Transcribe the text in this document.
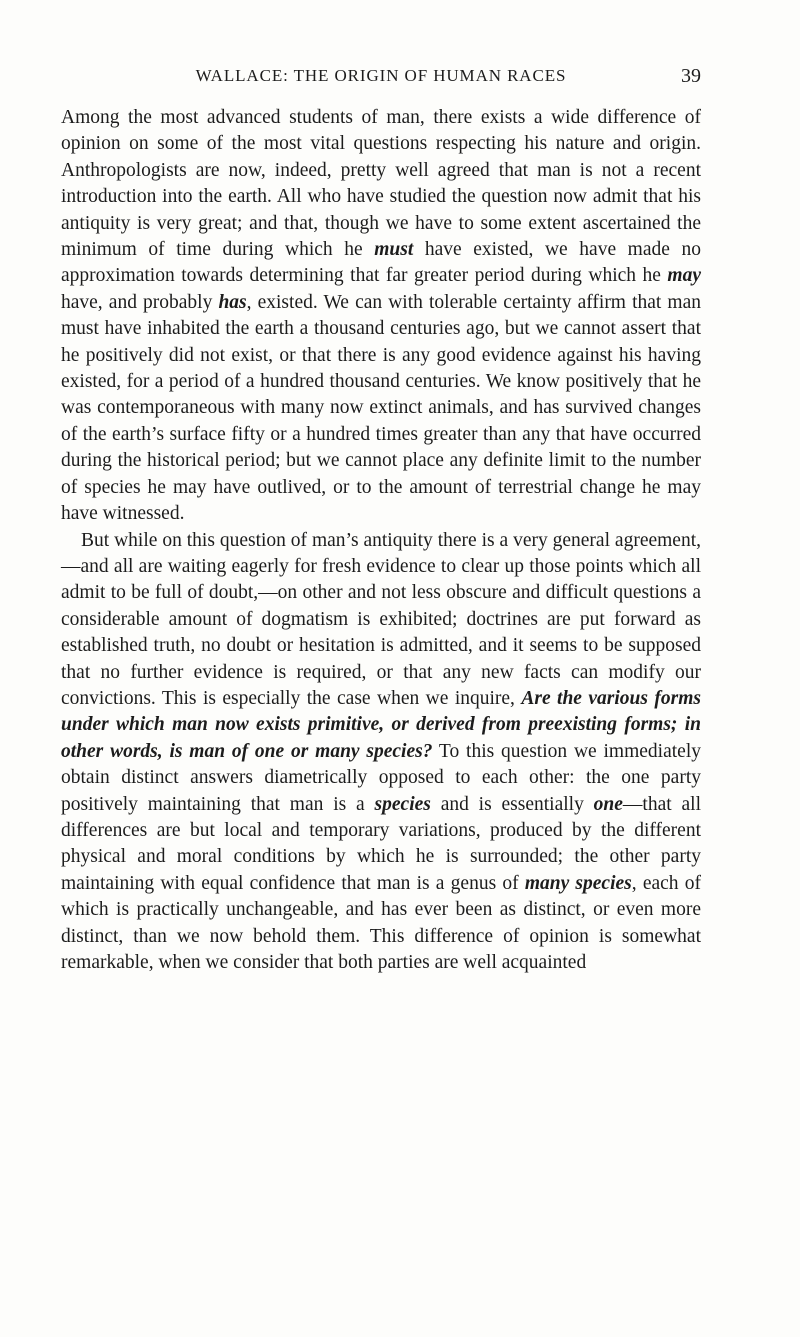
WALLACE: THE ORIGIN OF HUMAN RACES	39

Among the most advanced students of man, there exists a wide difference of opinion on some of the most vital questions respecting his nature and origin. Anthropologists are now, indeed, pretty well agreed that man is not a recent introduction into the earth. All who have studied the question now admit that his antiquity is very great; and that, though we have to some extent ascertained the minimum of time during which he must have existed, we have made no approximation towards determining that far greater period during which he may have, and probably has, existed. We can with tolerable certainty affirm that man must have inhabited the earth a thousand centuries ago, but we cannot assert that he positively did not exist, or that there is any good evidence against his having existed, for a period of a hundred thousand centuries. We know positively that he was contemporaneous with many now extinct animals, and has survived changes of the earth’s surface fifty or a hundred times greater than any that have occurred during the historical period; but we cannot place any definite limit to the number of species he may have outlived, or to the amount of terrestrial change he may have witnessed.

But while on this question of man’s antiquity there is a very general agreement,—and all are waiting eagerly for fresh evidence to clear up those points which all admit to be full of doubt,—on other and not less obscure and difficult questions a considerable amount of dogmatism is exhibited; doctrines are put forward as established truth, no doubt or hesitation is admitted, and it seems to be supposed that no further evidence is required, or that any new facts can modify our convictions. This is especially the case when we inquire, Are the various forms under which man now exists primitive, or derived from preexisting forms; in other words, is man of one or many species? To this question we immediately obtain distinct answers diametrically opposed to each other: the one party positively maintaining that man is a species and is essentially one—that all differences are but local and temporary variations, produced by the different physical and moral conditions by which he is surrounded; the other party maintaining with equal confidence that man is a genus of many species, each of which is practically unchangeable, and has ever been as distinct, or even more distinct, than we now behold them. This difference of opinion is somewhat remarkable, when we consider that both parties are well acquainted
